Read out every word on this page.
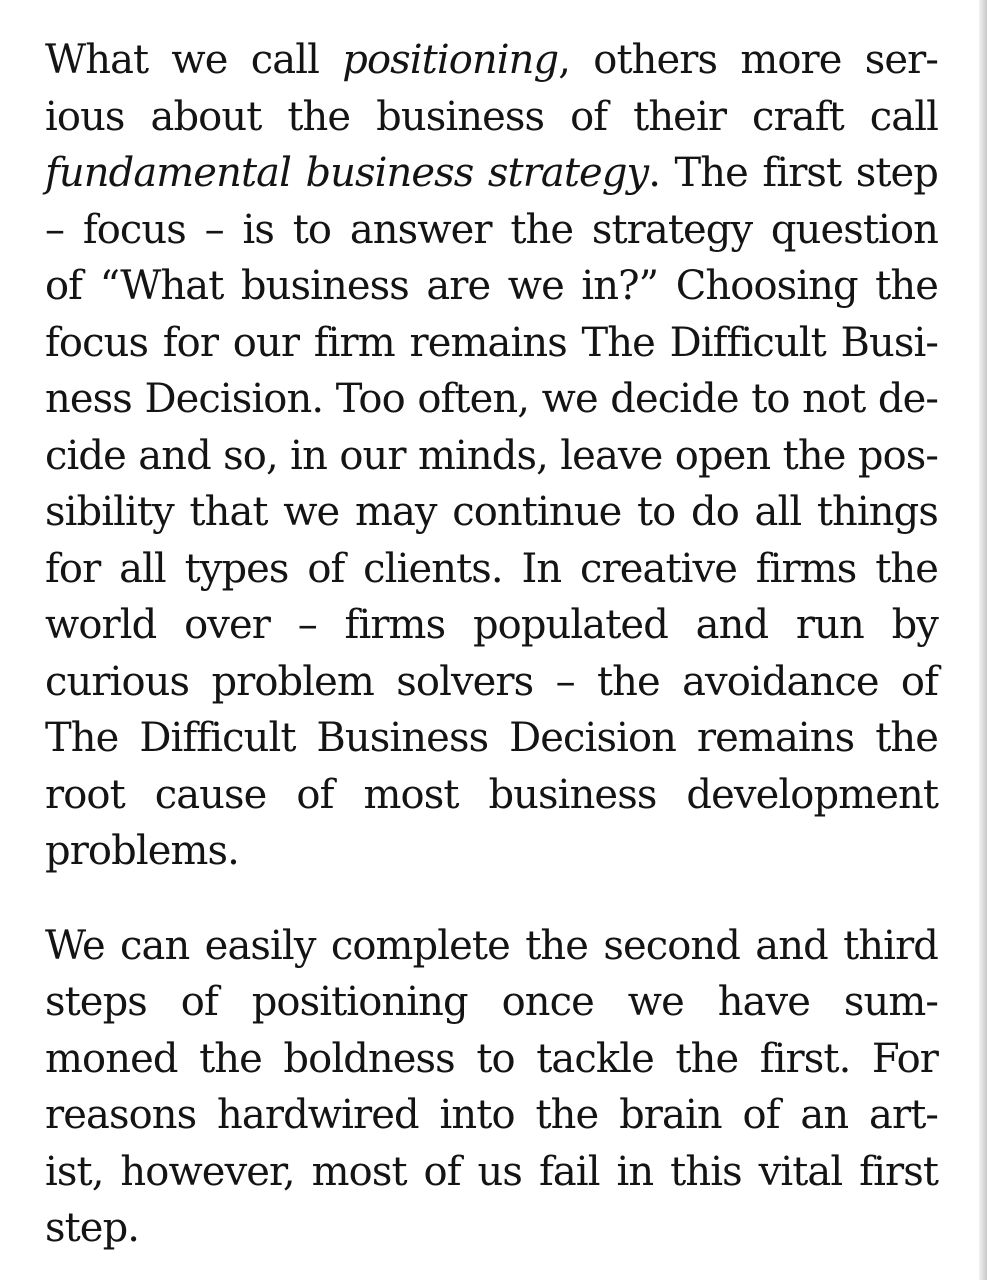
What we call positioning, others more ser-
ious about the business of their craft call
fundamental business strategy. The first step
– focus – is to answer the strategy question
of “What business are we in?” Choosing the
focus for our firm remains The Difficult Busi-
ness Decision. Too often, we decide to not de-
cide and so, in our minds, leave open the pos-
sibility that we may continue to do all things
for all types of clients. In creative firms the
world over – firms populated and run by
curious problem solvers – the avoidance of
The Difficult Business Decision remains the
root cause of most business development
problems.
We can easily complete the second and third
steps of positioning once we have sum-
moned the boldness to tackle the first. For
reasons hardwired into the brain of an art-
ist, however, most of us fail in this vital first
step.
